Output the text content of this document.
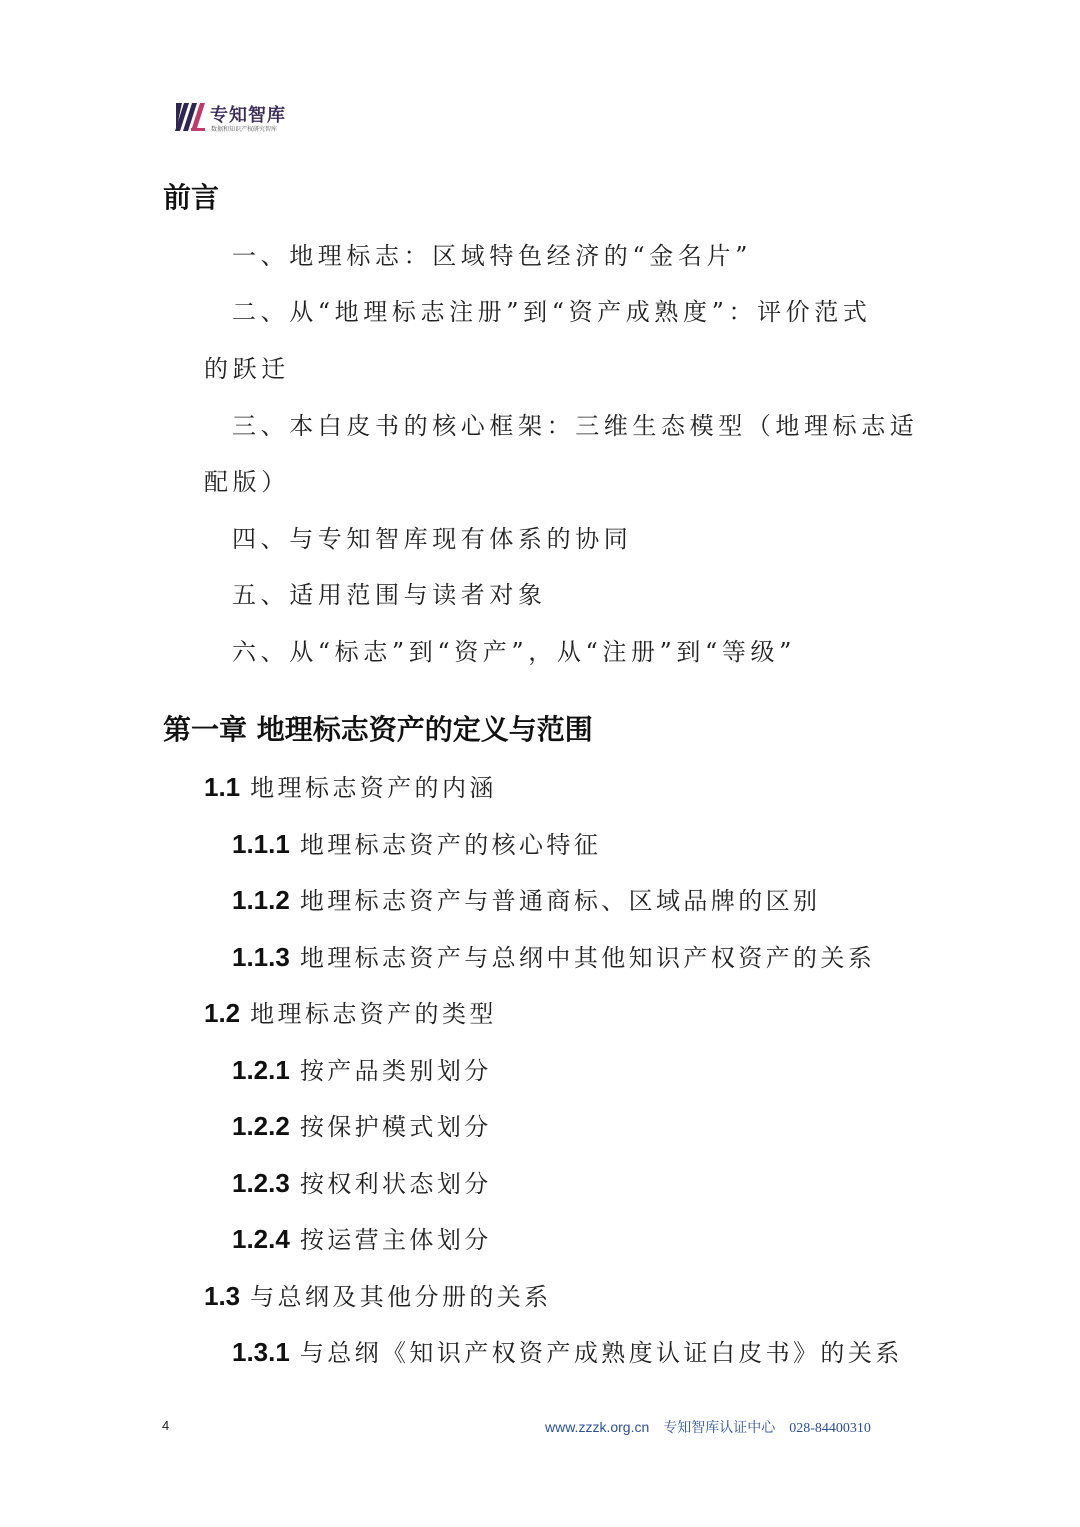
专知智库
数据和知识产权研究智库
前言
一、地理标志：区域特色经济的“金名片”
二、从“地理标志注册”到“资产成熟度”：评价范式
的跃迁
三、本白皮书的核心框架：三维生态模型（地理标志适
配版）
四、与专知智库现有体系的协同
五、适用范围与读者对象
六、从“标志”到“资产”，从“注册”到“等级”
第一章 地理标志资产的定义与范围
1.1 地理标志资产的内涵
1.1.1 地理标志资产的核心特征
1.1.2 地理标志资产与普通商标、区域品牌的区别
1.1.3 地理标志资产与总纲中其他知识产权资产的关系
1.2 地理标志资产的类型
1.2.1 按产品类别划分
1.2.2 按保护模式划分
1.2.3 按权利状态划分
1.2.4 按运营主体划分
1.3 与总纲及其他分册的关系
1.3.1 与总纲《知识产权资产成熟度认证白皮书》的关系
4	www.zzzk.org.cn 专知智库认证中心 028-84400310
